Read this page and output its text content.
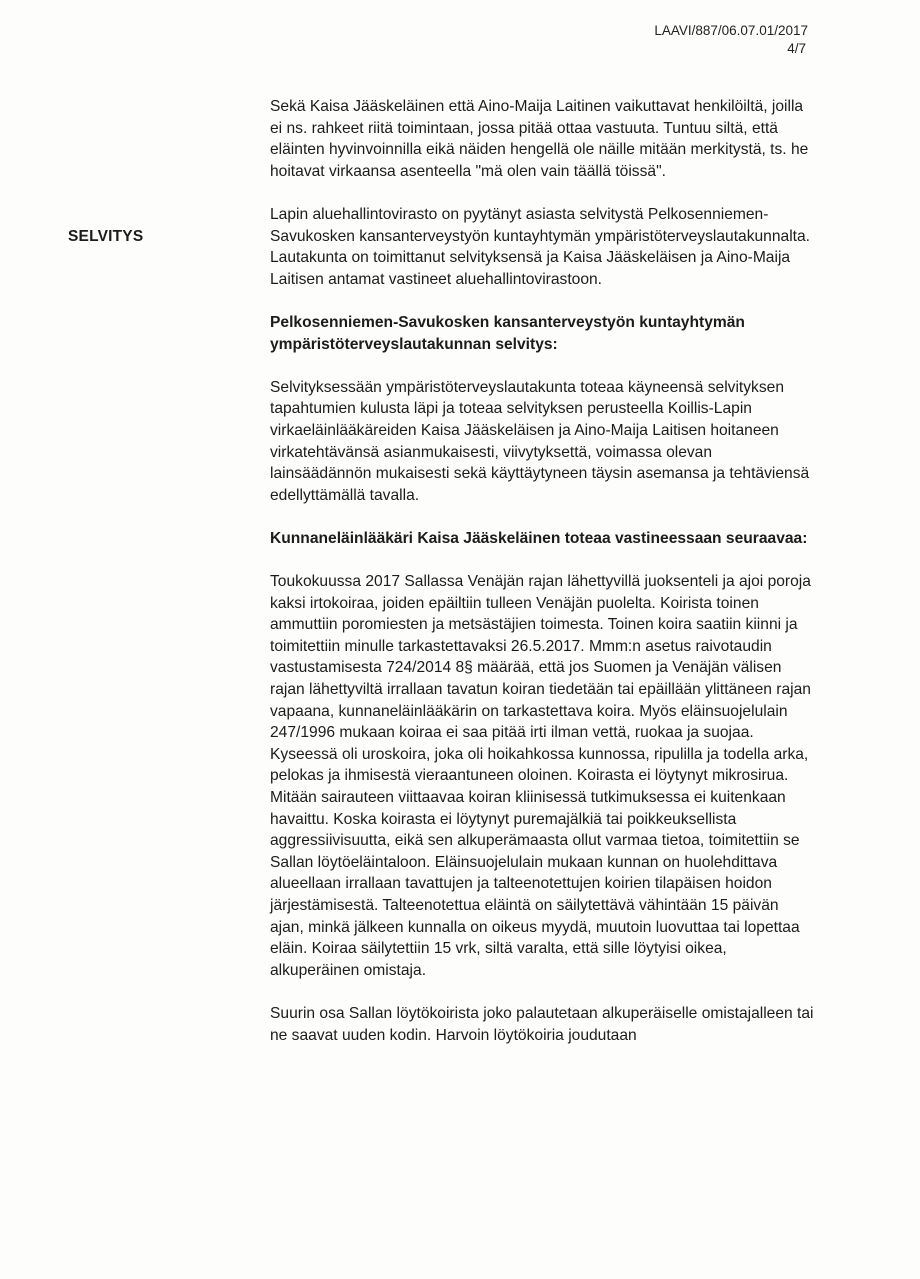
LAAVI/887/06.07.01/2017
4/7
SELVITYS

Sekä Kaisa Jääskeläinen että Aino-Maija Laitinen vaikuttavat henkilöiltä, joilla ei ns. rahkeet riitä toimintaan, jossa pitää ottaa vastuuta. Tuntuu siltä, että eläinten hyvinvoinnilla eikä näiden hengellä ole näille mitään merkitystä, ts. he hoitavat virkaansa asenteella "mä olen vain täällä töissä".

Lapin aluehallintovirasto on pyytänyt asiasta selvitystä Pelkosenniemen-Savukosken kansanterveystyön kuntayhtymän ympäristöterveyslautakunnalta. Lautakunta on toimittanut selvityksensä ja Kaisa Jääskeläisen ja Aino-Maija Laitisen antamat vastineet aluehallintovirastoon.

Pelkosenniemen-Savukosken kansanterveystyön kuntayhtymän ympäristöterveyslautakunnan selvitys:

Selvityksessään ympäristöterveyslautakunta toteaa käyneensä selvityksen tapahtumien kulusta läpi ja toteaa selvityksen perusteella Koillis-Lapin virkaeläinlääkäreiden Kaisa Jääskeläisen ja Aino-Maija Laitisen hoitaneen virkatehtävänsä asianmukaisesti, viivytyksettä, voimassa olevan lainsäädännön mukaisesti sekä käyttäytyneen täysin asemansa ja tehtäviensä edellyttämällä tavalla.

Kunnaneläinlääkäri Kaisa Jääskeläinen toteaa vastineessaan seuraavaa:

Toukokuussa 2017 Sallassa Venäjän rajan lähettyvillä juoksenteli ja ajoi poroja kaksi irtokoiraa, joiden epäiltiin tulleen Venäjän puolelta. Koirista toinen ammuttiin poromiesten ja metsästäjien toimesta. Toinen koira saatiin kiinni ja toimitettiin minulle tarkastettavaksi 26.5.2017. Mmm:n asetus raivotaudin vastustamisesta 724/2014 8§ määrää, että jos Suomen ja Venäjän välisen rajan lähettyviltä irrallaan tavatun koiran tiedetään tai epäillään ylittäneen rajan vapaana, kunnaneläinlääkärin on tarkastettava koira. Myös eläinsuojelulain 247/1996 mukaan koiraa ei saa pitää irti ilman vettä, ruokaa ja suojaa. Kyseessä oli uroskoira, joka oli hoikahkossa kunnossa, ripulilla ja todella arka, pelokas ja ihmisestä vieraantuneen oloinen. Koirasta ei löytynyt mikrosirua. Mitään sairauteen viittaavaa koiran kliinisessä tutkimuksessa ei kuitenkaan havaittu. Koska koirasta ei löytynyt puremajälkiä tai poikkeuksellista aggressiivisuutta, eikä sen alkuperämaasta ollut varmaa tietoa, toimitettiin se Sallan löytöeläintaloon. Eläinsuojelulain mukaan kunnan on huolehdittava alueellaan irrallaan tavattujen ja talteenotettujen koirien tilapäisen hoidon järjestämisestä. Talteenotettua eläintä on säilytettävä vähintään 15 päivän ajan, minkä jälkeen kunnalla on oikeus myydä, muutoin luovuttaa tai lopettaa eläin. Koiraa säilytettiin 15 vrk, siltä varalta, että sille löytyisi oikea, alkuperäinen omistaja.

Suurin osa Sallan löytökoirista joko palautetaan alkuperäiselle omistajalleen tai ne saavat uuden kodin. Harvoin löytökoiria joudutaan
